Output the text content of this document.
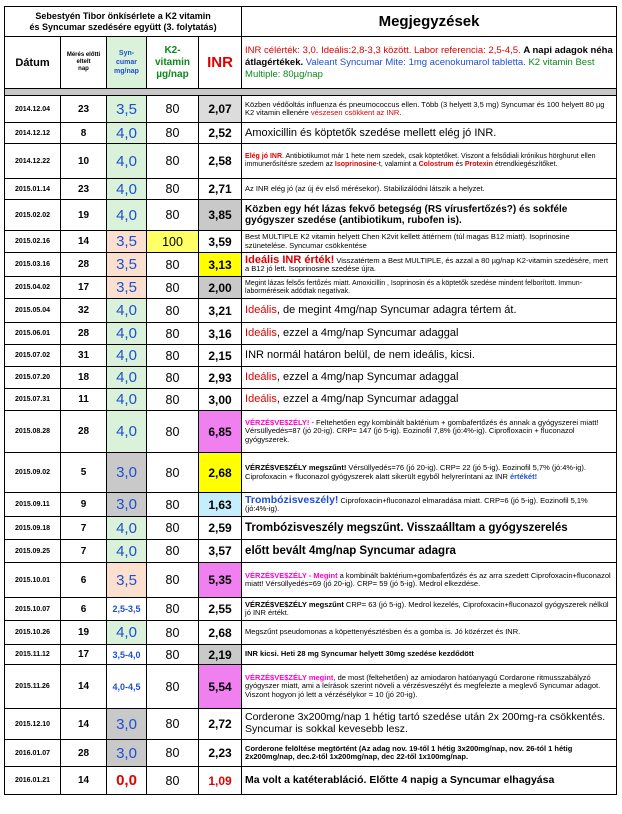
Sebestyén Tibor önkísérlete a K2 vitamin
és Syncumar szedésére együtt (3. folytatás)					Megjegyzések
Dátum	Mérés előtti
eltelt
nap	Syn-
cumar
mg/nap	K2-
vitamin
µg/nap	INR	INR célérték: 3,0. Ideális:2,8-3,3 között. Labor referencia: 2,5-4,5. A napi adagok néha átlagértékek. Valeant Syncumar Mite: 1mg acenokumarol tabletta. K2 vitamin Best Multiple: 80µg/nap

2014.12.04	23	3,5	80	2,07	Közben védőoltás influenza és pneumococcus ellen. Több (3 helyett 3,5 mg) Syncumar és 100 helyett 80 µg K2 vitamin ellenére vészesen csökkent az INR.
2014.12.12	8	4,0	80	2,52	Amoxicillin és köptetők szedése mellett elég jó INR.
2014.12.22	10	4,0	80	2,58	Elég jó INR. Antibiotikumot már 1 hete nem szedek, csak köptetőket. Viszont a felsődiali krónikus hörghurut ellen immunerősítésre szedem az Isoprinosine-t, valamint a Colostrum és Protexin étrendkiegészítőket.
2015.01.14	23	4,0	80	2,71	Az INR elég jó (az új év első mérésekor). Stabilizálódni látszik a helyzet.
2015.02.02	19	4,0	80	3,85	Közben egy hét lázas fekvő betegség (RS vírusfertőzés?) és sokféle gyógyszer szedése (antibiotikum, rubofen is).
2015.02.16	14	3,5	100	3,59	Best MULTIPLE K2 vitamin helyett Chen K2vit kellett áttérnem (túl magas B12 miatt). Isoprinosine szünetelése. Syncumar csökkentése
2015.03.16	28	3,5	80	3,13	Ideális INR érték! Visszatértem a Best MULTIPLE, és azzal a 80 µg/nap K2-vitamin szedésére, mert a B12 jó lett. Isoprinosine szedése újra.
2015.04.02	17	3,5	80	2,00	Megint lázas felsős fertőzés miatt. Amoxicillin , Isoprinosin és a köptetők szedése mindent felborított. Immun-laborméréseik adódtak negatívak.
2015.05.04	32	4,0	80	3,21	Ideális, de megint 4mg/nap Syncumar adagra tértem át.
2015.06.01	28	4,0	80	3,16	Ideális, ezzel a 4mg/nap Syncumar adaggal
2015.07.02	31	4,0	80	2,15	INR normál határon belül, de nem ideális, kicsi.
2015.07.20	18	4,0	80	2,93	Ideális, ezzel a 4mg/nap Syncumar adaggal
2015.07.31	11	4,0	80	3,00	Ideális, ezzel a 4mg/nap Syncumar adaggal
2015.08.28	28	4,0	80	6,85	VÉRZÉ$VE$ZÉLY! - Feltehetően egy kombinált baktérium + gombafertőzés és annak a gyógyszerei miatt! Vérsüllyedés=87 (jó 20-ig). CRP= 147 (jó 5-ig). Eozinofil 7,8% (jó:4%-ig). Ciprofloxacin + fluconazol gyógyszerek.
2015.09.02	5	3,0	80	2,68	VÉRZÉ$VE$ZÉLY megszűnt! Vérsüllyedés=76 (jó 20-ig). CRP= 22 (jó 5-ig). Eozinofil 5,7% (jó:4%-ig). Ciprofoxacin + fluconazol gyógyszerek alatt sikerült egyből helyreríntani az INR értékét!
2015.09.11	9	3,0	80	1,63	Trombózisveszély! Ciprofoxacin+fluconazol elmaradása miatt. CRP=6 (jó 5-ig). Eozinofil 5,1% (jó:4%-ig).
2015.09.18	7	4,0	80	2,59	Trombózisveszély megszűnt. Visszaálltam a gyógyszerelés
2015.09.25	7	4,0	80	3,57	előtt bevált 4mg/nap Syncumar adagra
2015.10.01	6	3,5	80	5,35	VÉRZÉ$VE$ZÉLY - Megint a kombinált baktérium+gombafertőzés és az arra szedett Ciprofoxacin+fluconazol miatt! Vérsüllyedés=69 (jó 20-ig). CRP= 59 (jó 5-ig). Medrol elkezdése.
2015.10.07	6	2,5-3,5	80	2,55	VÉRZÉ$VE$ZÉLY megszűnt CRP= 63 (jó 5-ig). Medrol kezelés, Ciprofoxacin+fluconazol gyógyszerek nélkül jó INR értékt.
2015.10.26	19	4,0	80	2,68	Megszűnt pseudomonas a köpettenyésztésben és a gomba is. Jó közérzet és INR.
2015.11.12	17	3,5-4,0	80	2,19	INR kicsi. Heti 28 mg Syncumar helyett 30mg szedése kezdődött
2015.11.26	14	4,0-4,5	80	5,54	VÉRZÉ$VE$ZÉLY megint, de most (feltehetően) az amiodaron hatóanyagú Cordarone ritmusszabályzó gyógyszer miatt, ami a leírások szerint növeli a vérzésveszélyt és megfelezte a meglevő Syncumar adagot. Viszont hogyon jó lett a vérzésélykor = 10 (jó 20-ig).
2015.12.10	14	3,0	80	2,72	Corderone 3x200mg/nap 1 hétig tartó szedése után 2x 200mg-ra csökkentés. Syncumar is sokkal kevesebb lesz.
2016.01.07	28	3,0	80	2,23	Corderone felöltése megtörtént (Az adag nov. 19-től 1 hétig 3x200mg/nap, nov. 26-tól 1 hétig 2x200mg/nap, dec.2-től 1x200mg/nap, dec 22-től 1x100mg/nap.
2016.01.21	14	0,0	80	1,09	Ma volt a katéterabláció. Előtte 4 napig a Syncumar elhagyása
